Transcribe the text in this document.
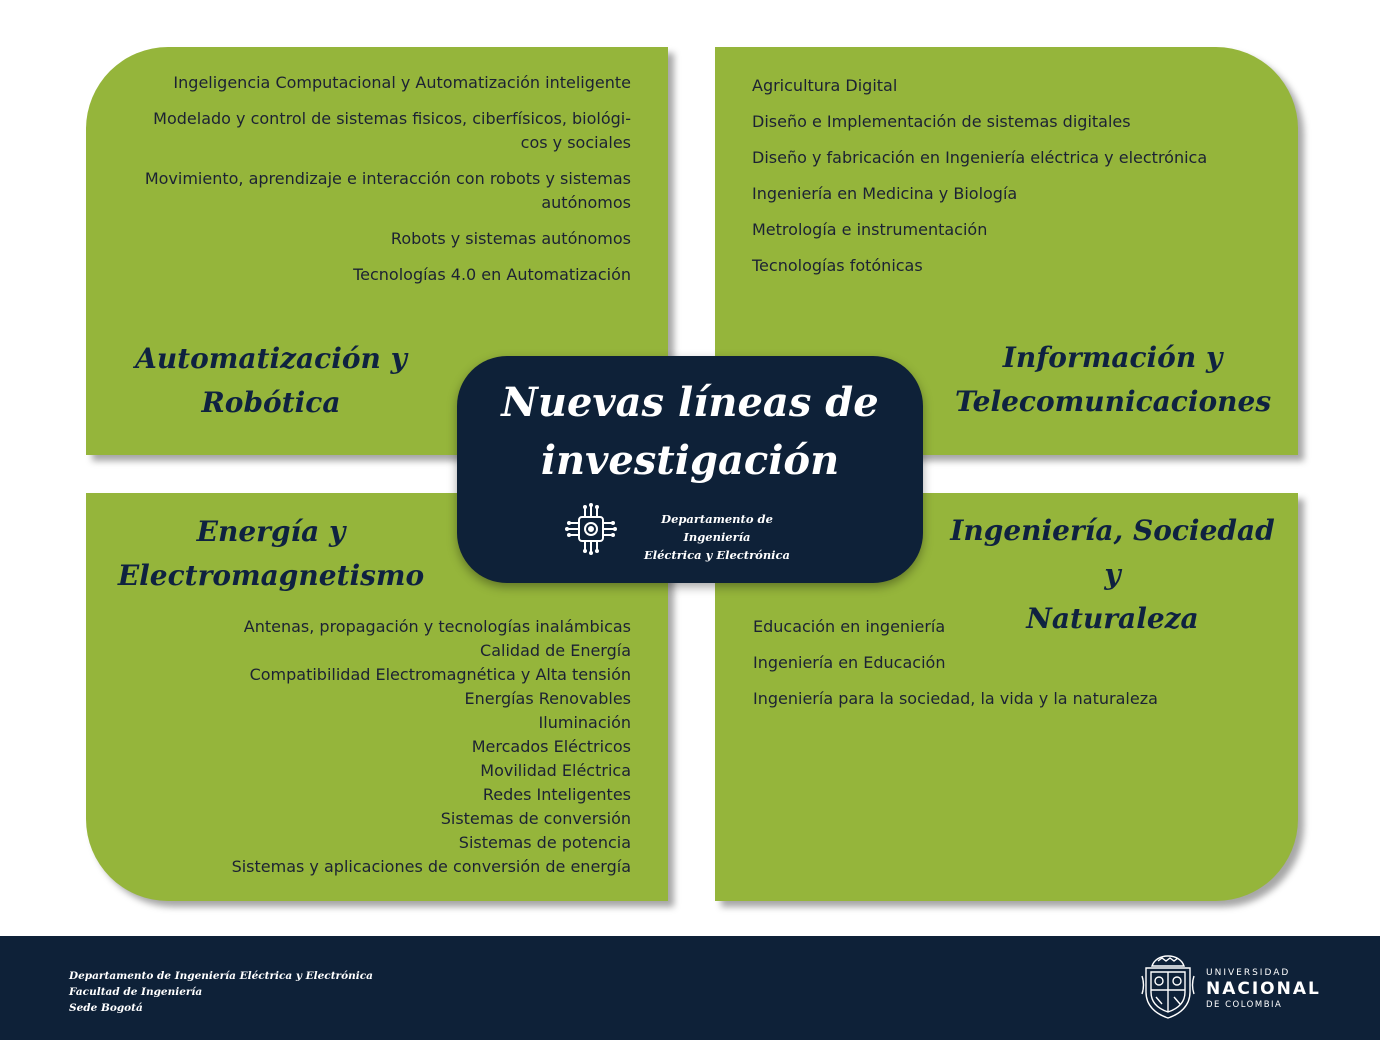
Ingeligencia Computacional y Automatización inteligente
Modelado y control de sistemas fisicos, ciberfísicos, biológi-
cos y sociales
Movimiento, aprendizaje e interacción con robots y sistemas
autónomos
Robots y sistemas autónomos
Tecnologías 4.0 en Automatización
Automatización y
Robótica
Agricultura Digital
Diseño e Implementación de sistemas digitales
Diseño y fabricación en Ingeniería eléctrica y electrónica
Ingeniería en Medicina y Biología
Metrología e instrumentación
Tecnologías fotónicas
Información y
Telecomunicaciones
Energía y
Electromagnetismo
Antenas, propagación y tecnologías inalámbicas
Calidad de Energía
Compatibilidad Electromagnética y Alta tensión
Energías Renovables
Iluminación
Mercados Eléctricos
Movilidad Eléctrica
Redes Inteligentes
Sistemas de conversión
Sistemas de potencia
Sistemas y aplicaciones de conversión de energía
Ingeniería, Sociedad y
Naturaleza
Educación en ingeniería
Ingeniería en Educación
Ingeniería para la sociedad, la vida y la naturaleza
Nuevas líneas de
investigación
Departamento de Ingeniería
Eléctrica y Electrónica
Departamento de Ingeniería Eléctrica y Electrónica
Facultad de Ingeniería
Sede Bogotá
UNIVERSIDAD
NACIONAL
DE COLOMBIA
